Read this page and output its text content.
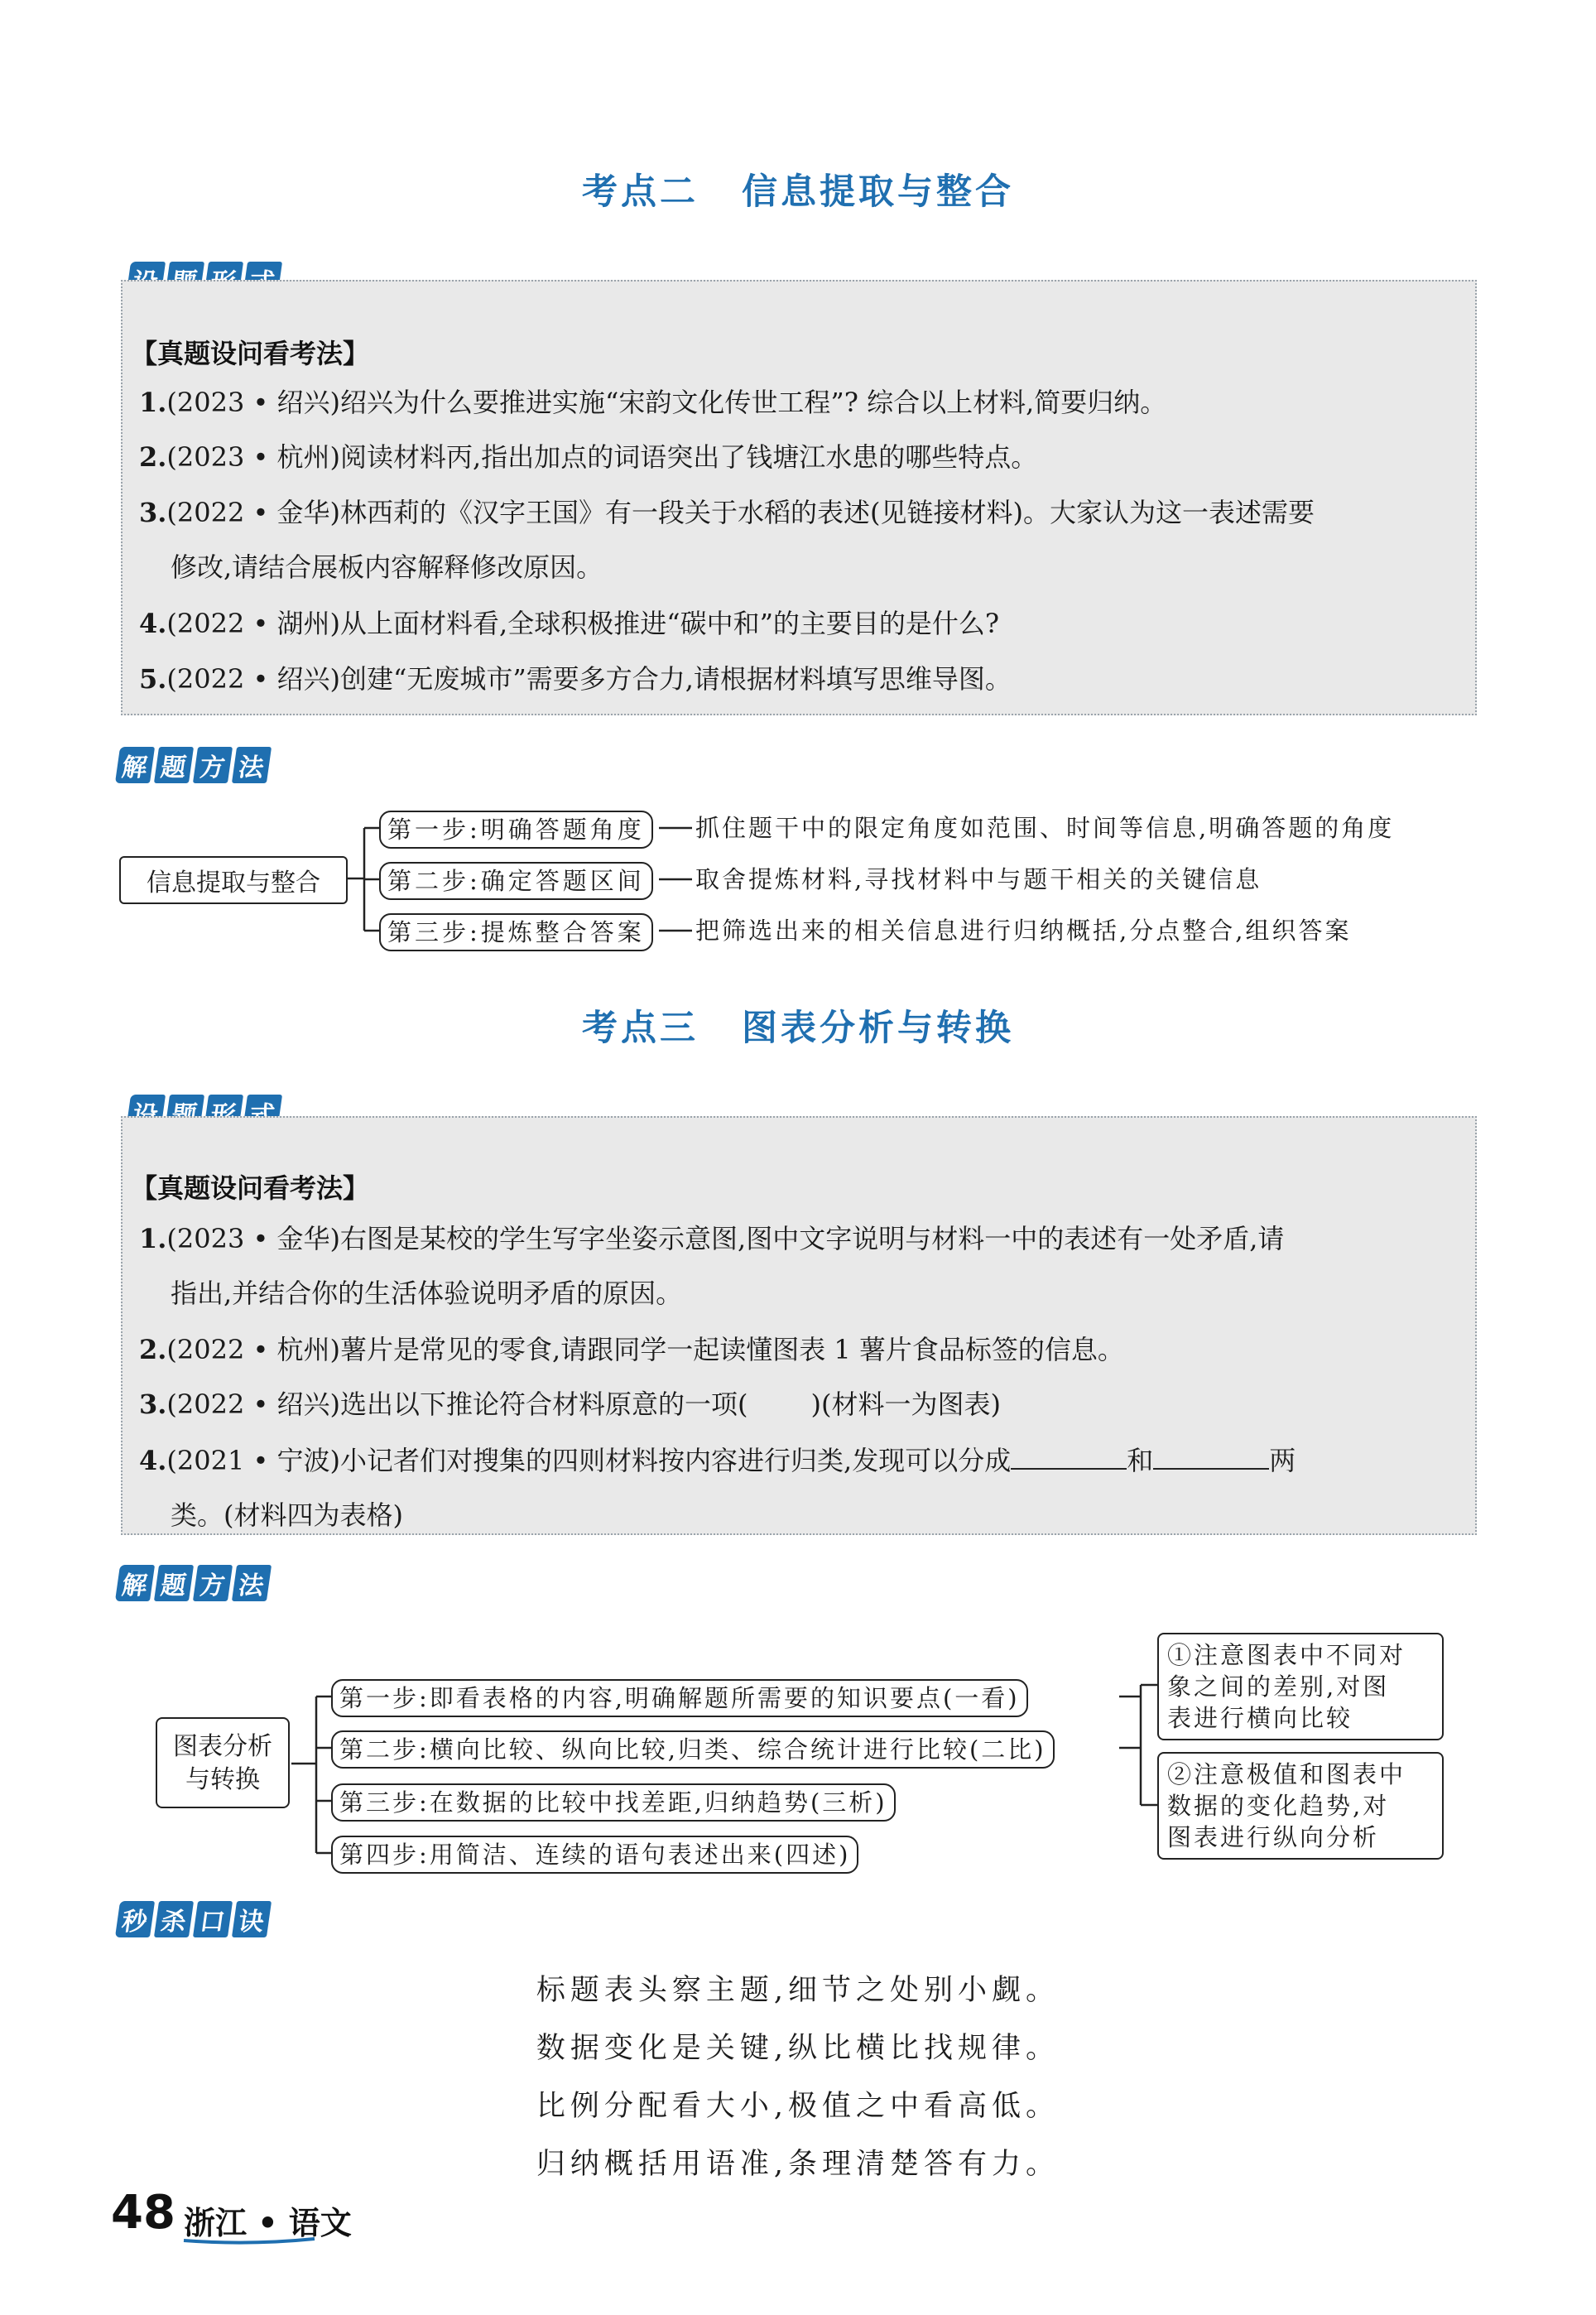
考点二 信息提取与整合
【真题设问看考法】
1.(2023 • 绍兴)绍兴为什么要推进实施“宋韵文化传世工程”? 综合以上材料,简要归纳。
2.(2023 • 杭州)阅读材料丙,指出加点的词语突出了钱塘江水患的哪些特点。
3.(2022 • 金华)林西莉的《汉字王国》有一段关于水稻的表述(见链接材料)。大家认为这一表述需要
修改,请结合展板内容解释修改原因。
4.(2022 • 湖州)从上面材料看,全球积极推进“碳中和”的主要目的是什么?
5.(2022 • 绍兴)创建“无废城市”需要多方合力,请根据材料填写思维导图。
解 题 方 法
信息提取与整合
第一步:明确答题角度
第二步:确定答题区间
第三步:提炼整合答案
抓住题干中的限定角度如范围、时间等信息,明确答题的角度
取舍提炼材料,寻找材料中与题干相关的关键信息
把筛选出来的相关信息进行归纳概括,分点整合,组织答案
考点三 图表分析与转换
【真题设问看考法】
1.(2023 • 金华)右图是某校的学生写字坐姿示意图,图中文字说明与材料一中的表述有一处矛盾,请
指出,并结合你的生活体验说明矛盾的原因。
2.(2022 • 杭州)薯片是常见的零食,请跟同学一起读懂图表 1 薯片食品标签的信息。
3.(2022 • 绍兴)选出以下推论符合材料原意的一项( )(材料一为图表)
4.(2021 • 宁波)小记者们对搜集的四则材料按内容进行归类,发现可以分成	和	两
类。(材料四为表格)
解 题 方 法
图表分析
与转换
第一步:即看表格的内容,明确解题所需要的知识要点(一看)
第二步:横向比较、纵向比较,归类、综合统计进行比较(二比)
第三步:在数据的比较中找差距,归纳趋势(三析)
第四步:用简洁、连续的语句表述出来(四述)
①注意图表中不同对
象之间的差别,对图
表进行横向比较
②注意极值和图表中
数据的变化趋势,对
图表进行纵向分析
秒 杀 口 诀
标题表头察主题,细节之处别小觑。
数据变化是关键,纵比横比找规律。
比例分配看大小,极值之中看高低。
归纳概括用语准,条理清楚答有力。
48 浙江 • 语文
